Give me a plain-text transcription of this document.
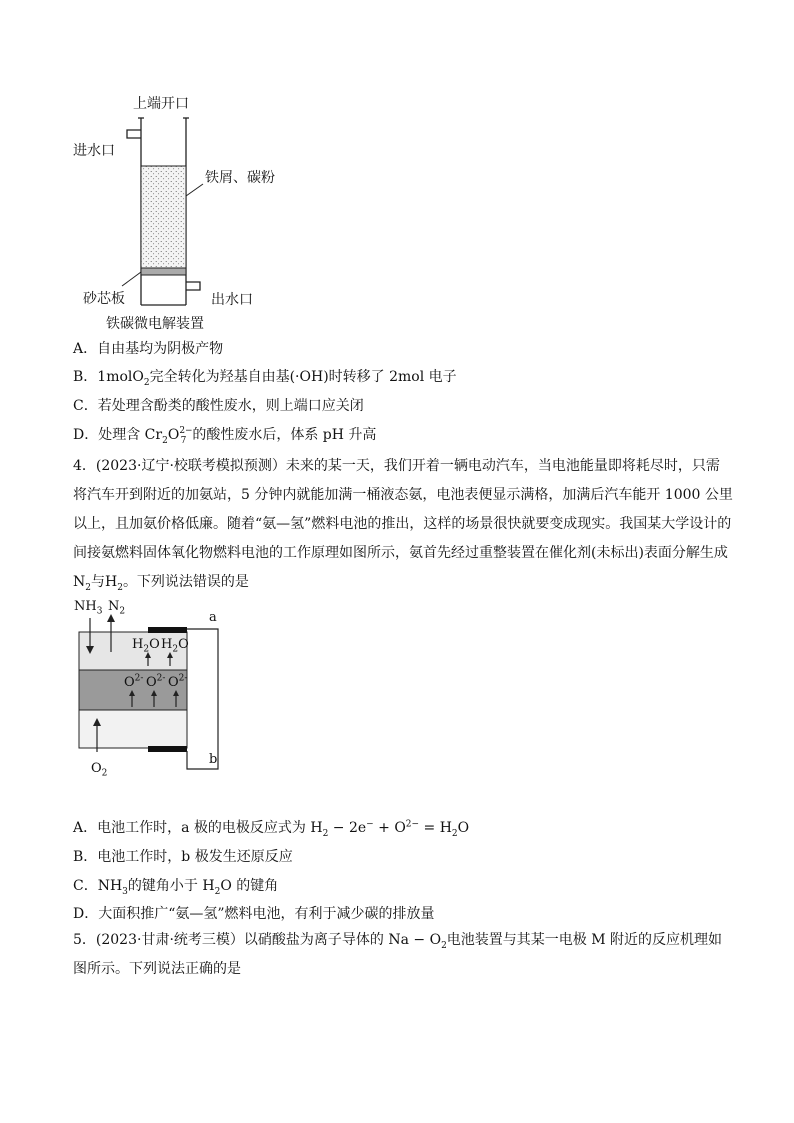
上端开口
进水口
铁屑、碳粉
砂芯板	出水口
铁碳微电解装置
A．自由基均为阴极产物
B．1molO$_2$完全转化为羟基自由基(·OH)时转移了 2mol 电子
C．若处理含酚类的酸性废水，则上端口应关闭
D．处理含 $Cr_2O^{2-}_7$ 的酸性废水后，体系 pH 升高
4．(2023·辽宁·校联考模拟预测）未来的某一天，我们开着一辆电动汽车，当电池能量即将耗尽时，只需将汽车开到附近的加氨站，5 分钟内就能加满一桶液态氨，电池表便显示满格，加满后汽车能开 1000 公里以上，且加氨价格低廉。随着“氨—氢”燃料电池的推出，这样的场景很快就要变成现实。我国某大学设计的间接氨燃料固体氧化物燃料电池的工作原理如图所示，氨首先经过重整装置在催化剂(未标出)表面分解生成 $N_2$与$H_2$。下列说法错误的是
$NH_3$ $N_2$
$H_2O$ $H_2O$
$O^{2-}$ $O^{2-}$ $O^{2-}$
$O_2$
a
b
A．电池工作时，a 极的电极反应式为 $H_2 - 2e^- + O^{2-} = H_2O$
B．电池工作时，b 极发生还原反应
C．$NH_3$的键角小于 $H_2O$ 的键角
D．大面积推广“氨—氢”燃料电池，有利于减少碳的排放量
5．(2023·甘肃·统考三模）以硝酸盐为离子导体的 $Na - O_2$电池装置与其某一电极 M 附近的反应机理如图所示。下列说法正确的是
